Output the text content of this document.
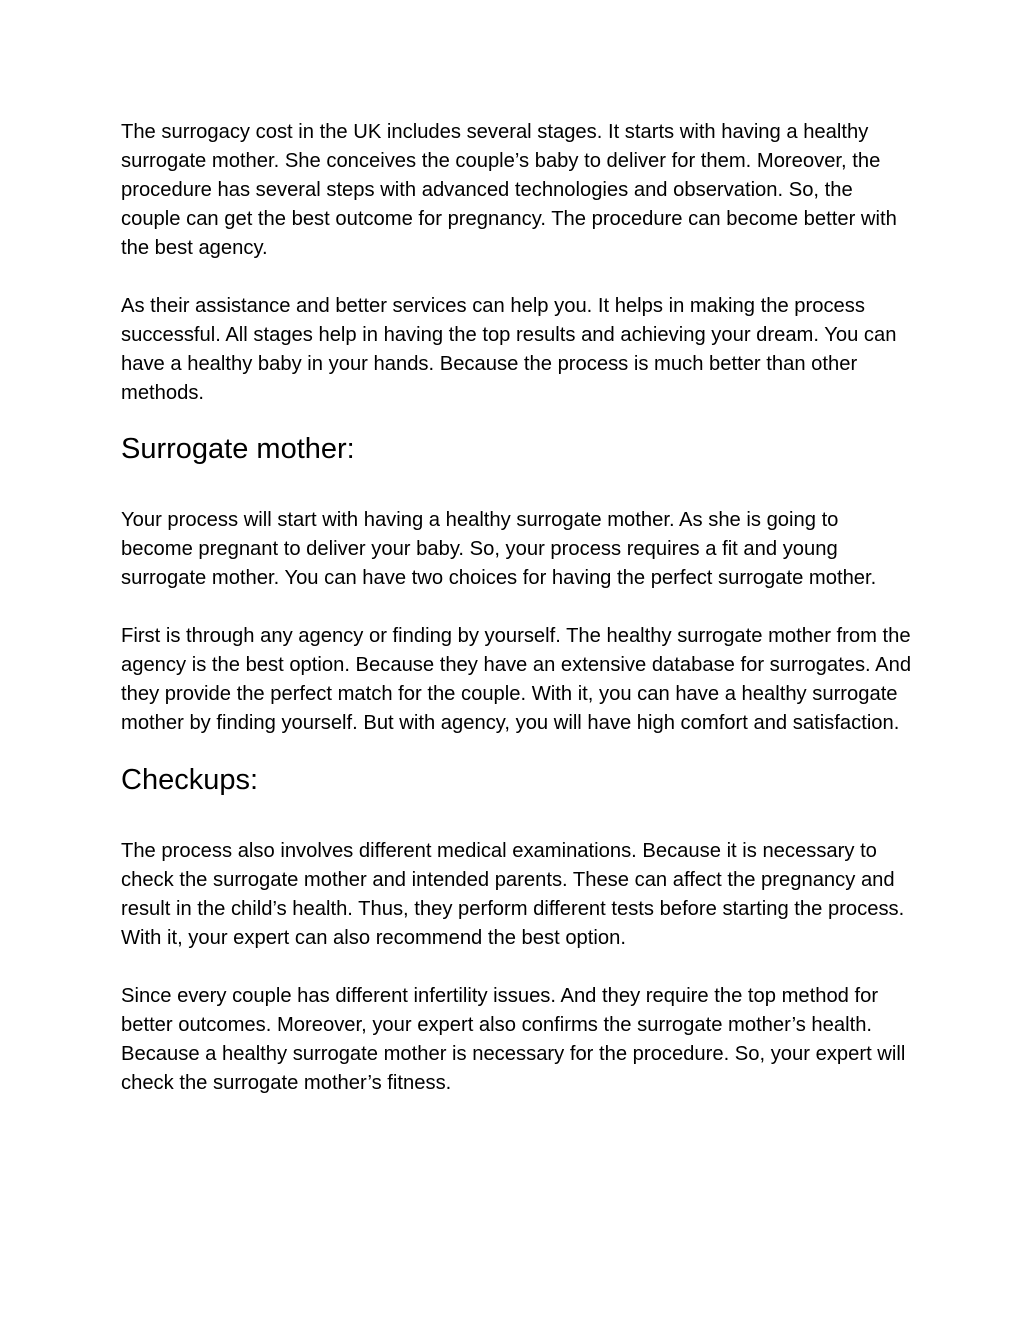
The surrogacy cost in the UK includes several stages. It starts with having a healthy surrogate mother. She conceives the couple’s baby to deliver for them. Moreover, the procedure has several steps with advanced technologies and observation. So, the couple can get the best outcome for pregnancy. The procedure can become better with the best agency.

As their assistance and better services can help you. It helps in making the process successful. All stages help in having the top results and achieving your dream. You can have a healthy baby in your hands. Because the process is much better than other methods.

Surrogate mother:

Your process will start with having a healthy surrogate mother. As she is going to become pregnant to deliver your baby. So, your process requires a fit and young surrogate mother. You can have two choices for having the perfect surrogate mother.

First is through any agency or finding by yourself. The healthy surrogate mother from the agency is the best option. Because they have an extensive database for surrogates. And they provide the perfect match for the couple. With it, you can have a healthy surrogate mother by finding yourself. But with agency, you will have high comfort and satisfaction.

Checkups:

The process also involves different medical examinations. Because it is necessary to check the surrogate mother and intended parents. These can affect the pregnancy and result in the child’s health. Thus, they perform different tests before starting the process. With it, your expert can also recommend the best option.

Since every couple has different infertility issues. And they require the top method for better outcomes. Moreover, your expert also confirms the surrogate mother’s health. Because a healthy surrogate mother is necessary for the procedure. So, your expert will check the surrogate mother’s fitness.
